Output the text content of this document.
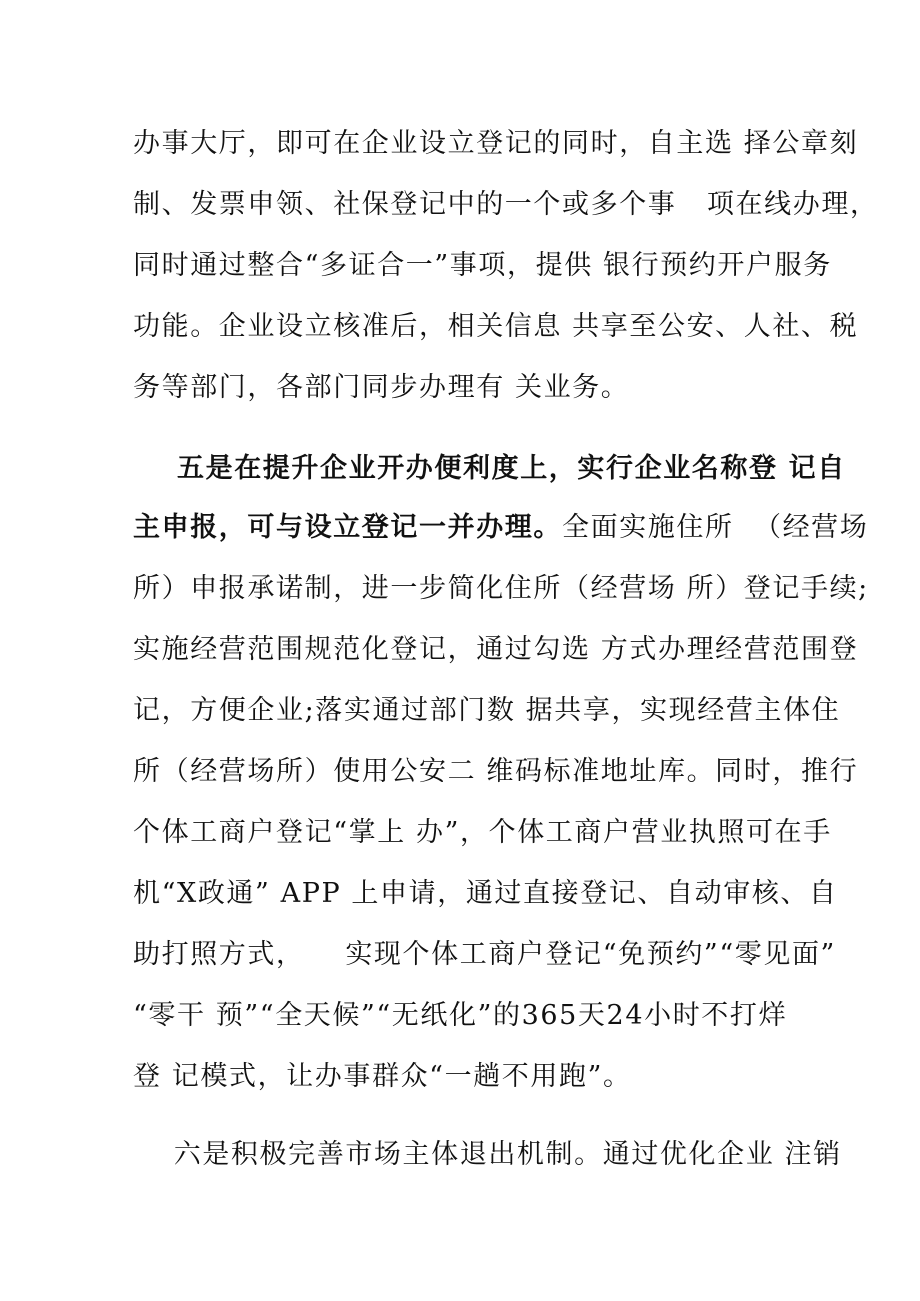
办事大厅，即可在企业设立登记的同时，自主选 择公章刻
制、发票申领、社保登记中的一个或多个事   项在线办理，
同时通过整合“多证合一”事项，提供 银行预约开户服务
功能。企业设立核准后，相关信息 共享至公安、人社、税
务等部门，各部门同步办理有 关业务。
五是在提升企业开办便利度上，实行企业名称登 记自
主申报，可与设立登记一并办理。全面实施住所  （经营场
所）申报承诺制，进一步简化住所（经营场 所）登记手续;
实施经营范围规范化登记，通过勾选 方式办理经营范围登
记，方便企业;落实通过部门数 据共享，实现经营主体住
所（经营场所）使用公安二 维码标准地址库。同时，推行
个体工商户登记“掌上 办”，个体工商户营业执照可在手
机“X政通” APP 上申请，通过直接登记、自动审核、自
助打照方式，    实现个体工商户登记“免预约”“零见面”
“零干 预”“全天候”“无纸化”的365天24小时不打烊
登 记模式，让办事群众“一趟不用跑”。
六是积极完善市场主体退出机制。通过优化企业 注销
